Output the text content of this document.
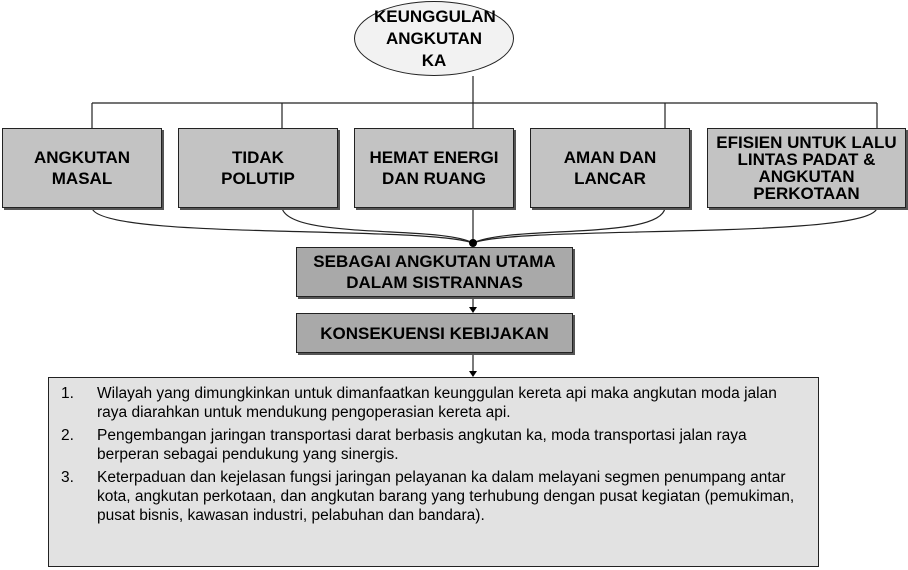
KEUNGGULAN ANGKUTAN KA
ANGKUTAN MASAL
TIDAK POLUTIP
HEMAT ENERGI DAN RUANG
AMAN DAN LANCAR
EFISIEN UNTUK LALU LINTAS PADAT & ANGKUTAN PERKOTAAN
SEBAGAI ANGKUTAN UTAMA DALAM SISTRANNAS
KONSEKUENSI KEBIJAKAN
1.	Wilayah yang dimungkinkan untuk dimanfaatkan keunggulan kereta api maka angkutan moda jalan raya diarahkan untuk mendukung pengoperasian kereta api.
2.	Pengembangan jaringan transportasi darat berbasis angkutan ka, moda transportasi jalan raya berperan sebagai pendukung yang sinergis.
3.	Keterpaduan dan kejelasan fungsi jaringan pelayanan ka dalam melayani segmen penumpang antar kota, angkutan perkotaan, dan angkutan barang yang terhubung dengan pusat kegiatan (pemukiman, pusat bisnis, kawasan industri, pelabuhan dan bandara).
